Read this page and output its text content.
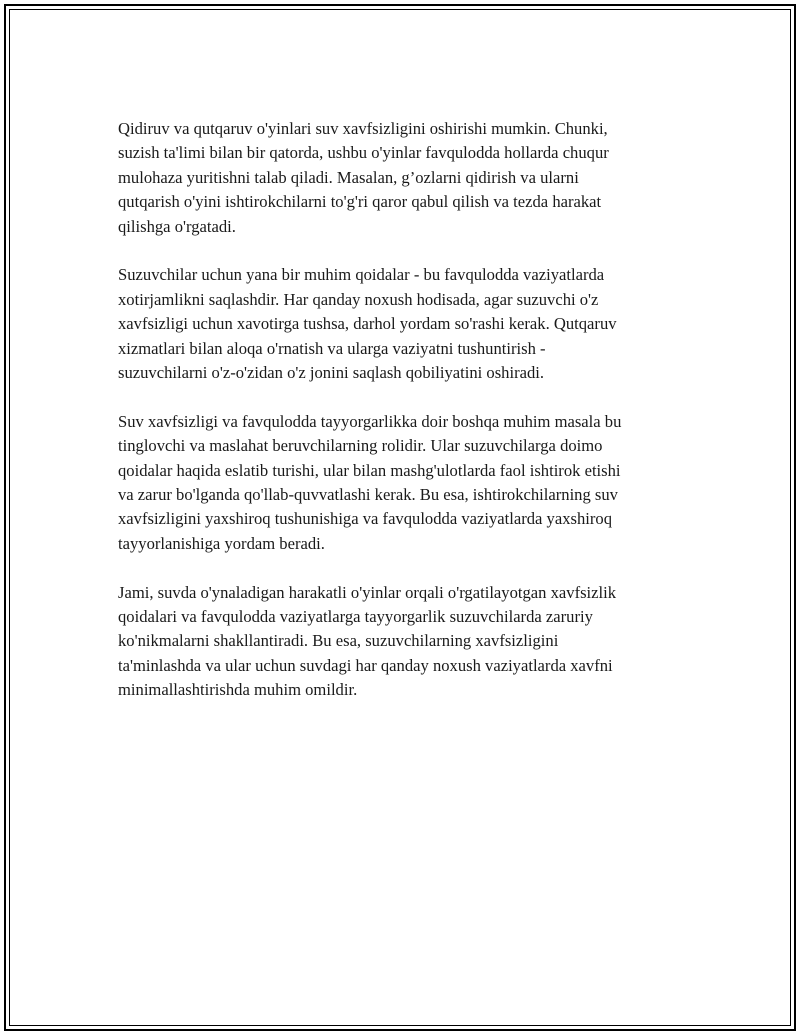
Qidiruv va qutqaruv o'yinlari suv xavfsizligini oshirishi mumkin. Chunki,
suzish ta'limi bilan bir qatorda, ushbu o'yinlar favqulodda hollarda chuqur
mulohaza yuritishni talab qiladi. Masalan, g’ozlarni qidirish va ularni
qutqarish o'yini ishtirokchilarni to'g'ri qaror qabul qilish va tezda harakat
qilishga o'rgatadi.

Suzuvchilar uchun yana bir muhim qoidalar - bu favqulodda vaziyatlarda
xotirjamlikni saqlashdir. Har qanday noxush hodisada, agar suzuvchi o'z
xavfsizligi uchun xavotirga tushsa, darhol yordam so'rashi kerak. Qutqaruv
xizmatlari bilan aloqa o'rnatish va ularga vaziyatni tushuntirish -
suzuvchilarni o'z-o'zidan o'z jonini saqlash qobiliyatini oshiradi.

Suv xavfsizligi va favqulodda tayyorgarlikka doir boshqa muhim masala bu
tinglovchi va maslahat beruvchilarning rolidir. Ular suzuvchilarga doimo
qoidalar haqida eslatib turishi, ular bilan mashg'ulotlarda faol ishtirok etishi
va zarur bo'lganda qo'llab-quvvatlashi kerak. Bu esa, ishtirokchilarning suv
xavfsizligini yaxshiroq tushunishiga va favqulodda vaziyatlarda yaxshiroq
tayyorlanishiga yordam beradi.

Jami, suvda o'ynaladigan harakatli o'yinlar orqali o'rgatilayotgan xavfsizlik
qoidalari va favqulodda vaziyatlarga tayyorgarlik suzuvchilarda zaruriy
ko'nikmalarni shakllantiradi. Bu esa, suzuvchilarning xavfsizligini
ta'minlashda va ular uchun suvdagi har qanday noxush vaziyatlarda xavfni
minimallashtirishda muhim omildir.
